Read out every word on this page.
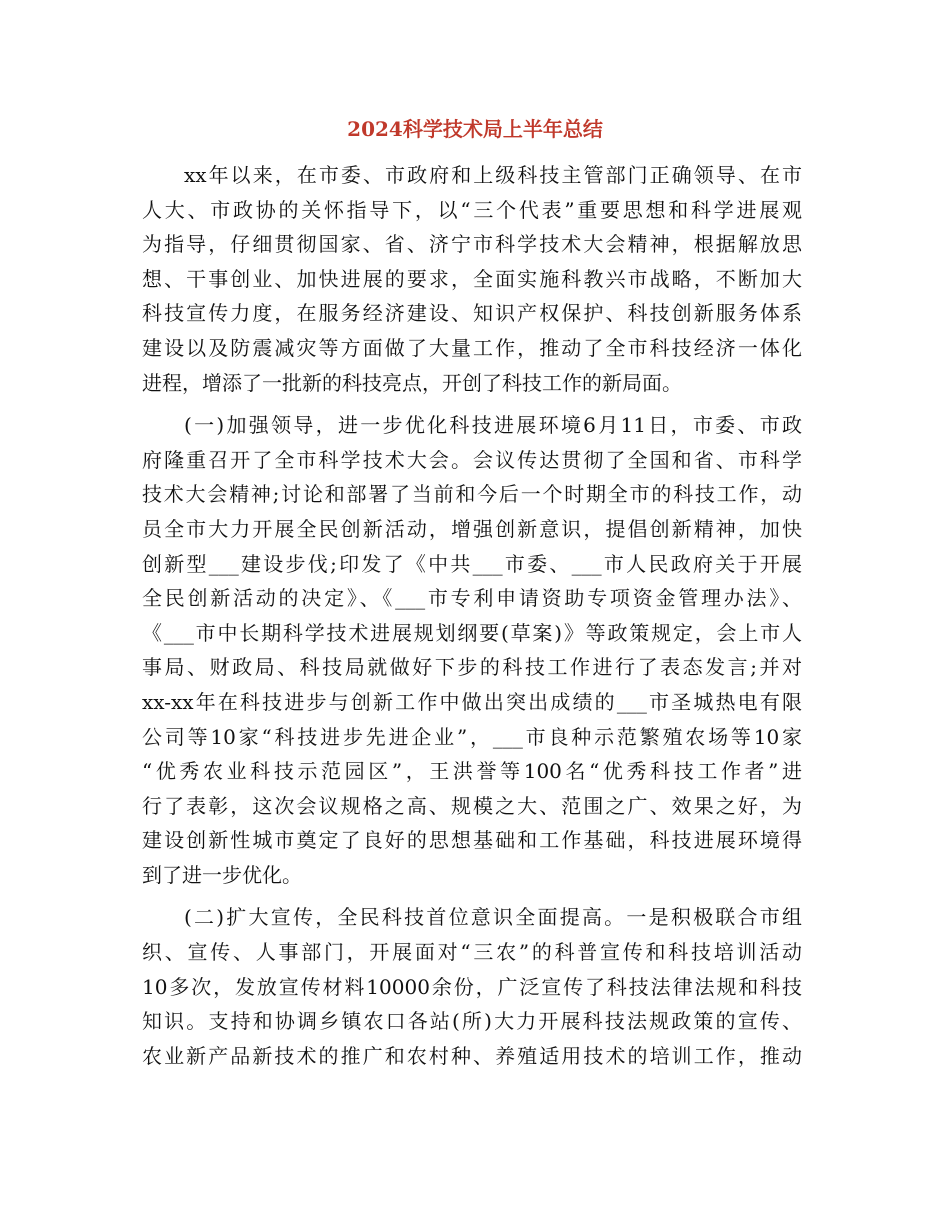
2024科学技术局上半年总结
xx年以来，在市委、市政府和上级科技主管部门正确领导、在市
人大、市政协的关怀指导下，以“三个代表”重要思想和科学进展观
为指导，仔细贯彻国家、省、济宁市科学技术大会精神，根据解放思
想、干事创业、加快进展的要求，全面实施科教兴市战略，不断加大
科技宣传力度，在服务经济建设、知识产权保护、科技创新服务体系
建设以及防震减灾等方面做了大量工作，推动了全市科技经济一体化
进程，增添了一批新的科技亮点，开创了科技工作的新局面。
(一)加强领导，进一步优化科技进展环境6月11日，市委、市政
府隆重召开了全市科学技术大会。会议传达贯彻了全国和省、市科学
技术大会精神;讨论和部署了当前和今后一个时期全市的科技工作，动
员全市大力开展全民创新活动，增强创新意识，提倡创新精神，加快
创新型___建设步伐;印发了《中共___市委、___市人民政府关于开展
全民创新活动的决定》、《___市专利申请资助专项资金管理办法》、
《___市中长期科学技术进展规划纲要(草案)》等政策规定，会上市人
事局、财政局、科技局就做好下步的科技工作进行了表态发言;并对
xx-xx年在科技进步与创新工作中做出突出成绩的___市圣城热电有限
公司等10家“科技进步先进企业”，___市良种示范繁殖农场等10家
“优秀农业科技示范园区”，王洪誉等100名“优秀科技工作者”进
行了表彰，这次会议规格之高、规模之大、范围之广、效果之好，为
建设创新性城市奠定了良好的思想基础和工作基础，科技进展环境得
到了进一步优化。
(二)扩大宣传，全民科技首位意识全面提高。一是积极联合市组
织、宣传、人事部门，开展面对“三农”的科普宣传和科技培训活动
10多次，发放宣传材料10000余份，广泛宣传了科技法律法规和科技
知识。支持和协调乡镇农口各站(所)大力开展科技法规政策的宣传、
农业新产品新技术的推广和农村种、养殖适用技术的培训工作，推动
